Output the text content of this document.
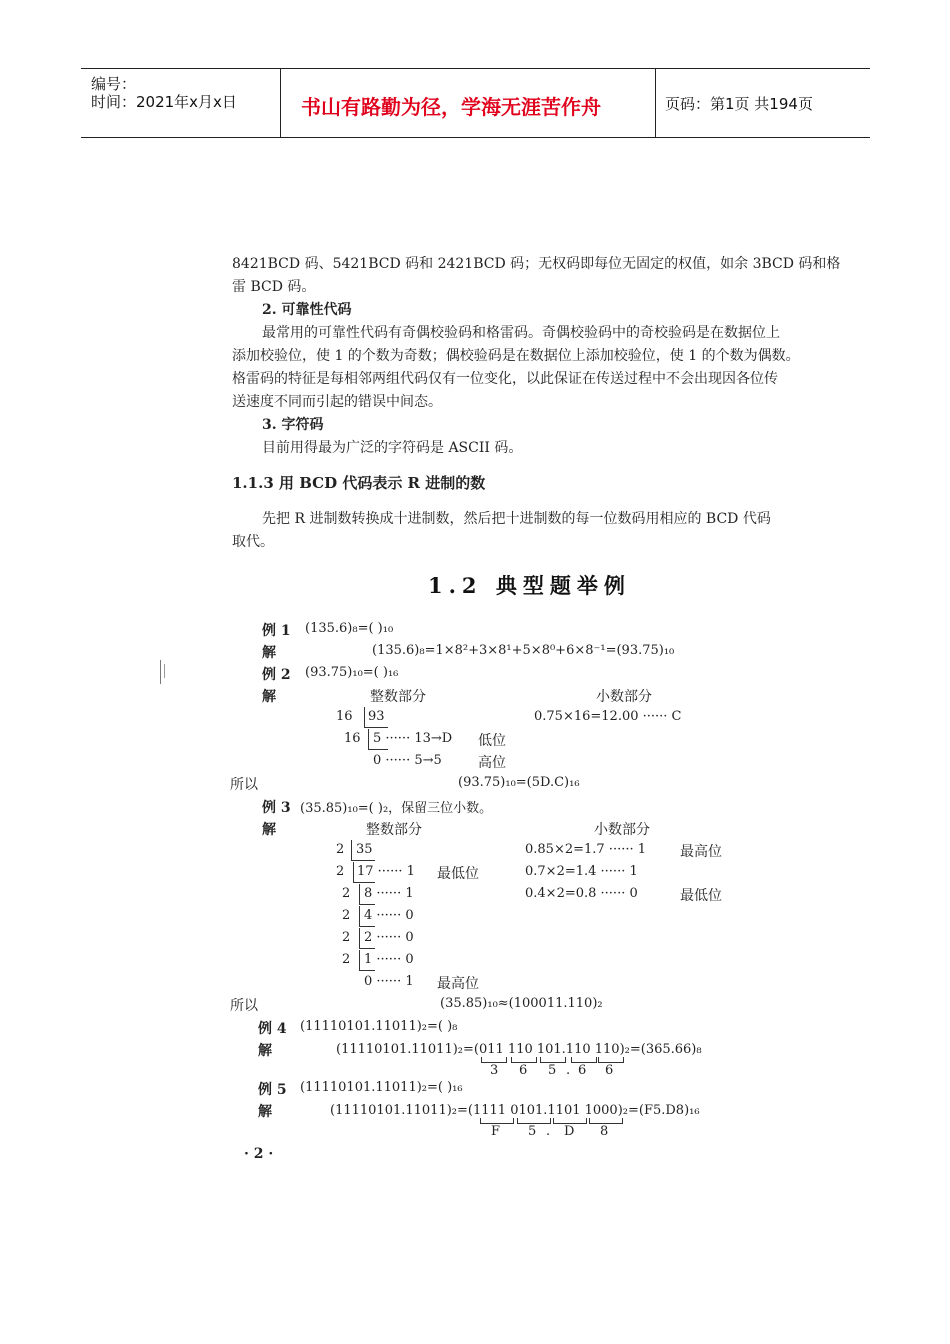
编号：
时间：2021年x月x日	书山有路勤为径，学海无涯苦作舟	页码：第1页 共194页
8421BCD 码、5421BCD 码和 2421BCD 码；无权码即每位无固定的权值，如余 3BCD 码和格
雷 BCD 码。
2. 可靠性代码
最常用的可靠性代码有奇偶校验码和格雷码。奇偶校验码中的奇校验码是在数据位上
添加校验位，使 1 的个数为奇数；偶校验码是在数据位上添加校验位，使 1 的个数为偶数。
格雷码的特征是每相邻两组代码仅有一位变化，以此保证在传送过程中不会出现因各位传
送速度不同而引起的错误中间态。
3. 字符码
目前用得最为广泛的字符码是 ASCII 码。
1.1.3 用 BCD 代码表示 R 进制的数
先把 R 进制数转换成十进制数，然后把十进制数的每一位数码用相应的 BCD 代码
取代。
1.2 典型题举例
例 1 (135.6)₈=( )₁₀
解	(135.6)₈=1×8²+3×8¹+5×8⁰+6×8⁻¹=(93.75)₁₀
例 2 (93.75)₁₀=( )₁₆
解	整数部分	小数部分
16 93	0.75×16=12.00 ······ C
16 5 ······ 13→D 低位
0 ······ 5→5	高位
所以	(93.75)₁₀=(5D.C)₁₆
例 3 (35.85)₁₀=( )₂，保留三位小数。
解	整数部分	小数部分
2 35	0.85×2=1.7 ······ 1 最高位
2 17 ······ 1 最低位	0.7×2=1.4 ······ 1
2 8 ······ 1	0.4×2=0.8 ······ 0	最低位
2 4 ······ 0
2 2 ······ 0
2 1 ······ 0
0 ······ 1 最高位
所以	(35.85)₁₀≈(100011.110)₂
例 4 (11110101.11011)₂=( )₈
解	(11110101.11011)₂=(011 110 101.110 110)₂=(365.66)₈
3 6 5 . 6 6
例 5 (11110101.11011)₂=( )₁₆
解	(11110101.11011)₂=(1111 0101.1101 1000)₂=(F5.D8)₁₆
F 5 . D 8
· 2 ·
